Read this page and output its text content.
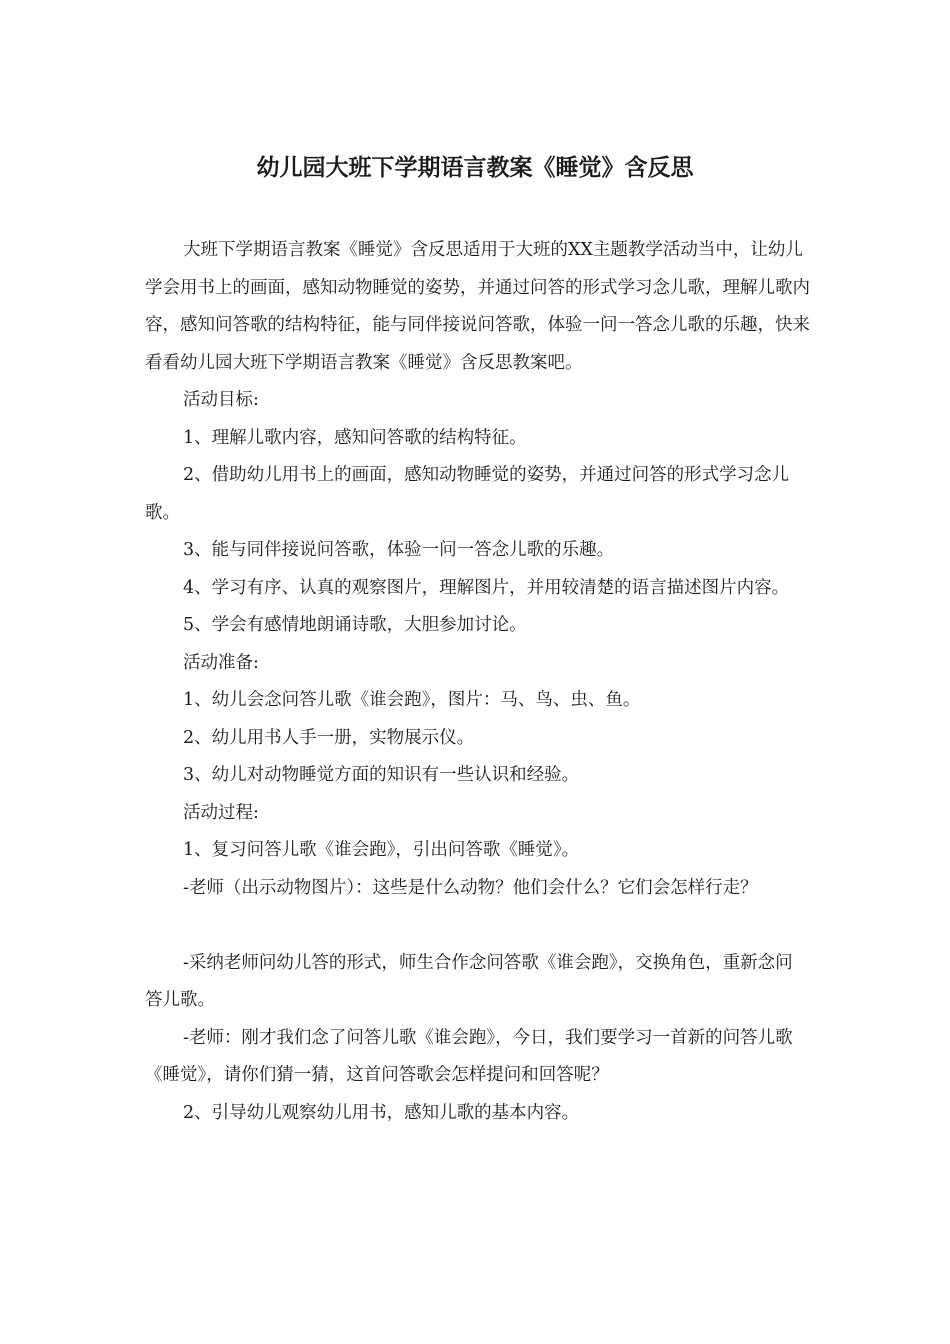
幼儿园大班下学期语言教案《睡觉》含反思

大班下学期语言教案《睡觉》含反思适用于大班的XX主题教学活动当中，让幼儿学会用书上的画面，感知动物睡觉的姿势，并通过问答的形式学习念儿歌，理解儿歌内容，感知问答歌的结构特征，能与同伴接说问答歌，体验一问一答念儿歌的乐趣，快来看看幼儿园大班下学期语言教案《睡觉》含反思教案吧。

活动目标:

1、理解儿歌内容，感知问答歌的结构特征。

2、借助幼儿用书上的画面，感知动物睡觉的姿势，并通过问答的形式学习念儿歌。

3、能与同伴接说问答歌，体验一问一答念儿歌的乐趣。

4、学习有序、认真的观察图片，理解图片，并用较清楚的语言描述图片内容。

5、学会有感情地朗诵诗歌，大胆参加讨论。

活动准备:

1、幼儿会念问答儿歌《谁会跑》，图片：马、鸟、虫、鱼。

2、幼儿用书人手一册，实物展示仪。

3、幼儿对动物睡觉方面的知识有一些认识和经验。

活动过程:

1、复习问答儿歌《谁会跑》，引出问答歌《睡觉》。

-老师（出示动物图片）：这些是什么动物？他们会什么？它们会怎样行走？

-采纳老师问幼儿答的形式，师生合作念问答歌《谁会跑》，交换角色，重新念问答儿歌。

-老师：刚才我们念了问答儿歌《谁会跑》，今日，我们要学习一首新的问答儿歌《睡觉》，请你们猜一猜，这首问答歌会怎样提问和回答呢？

2、引导幼儿观察幼儿用书，感知儿歌的基本内容。
